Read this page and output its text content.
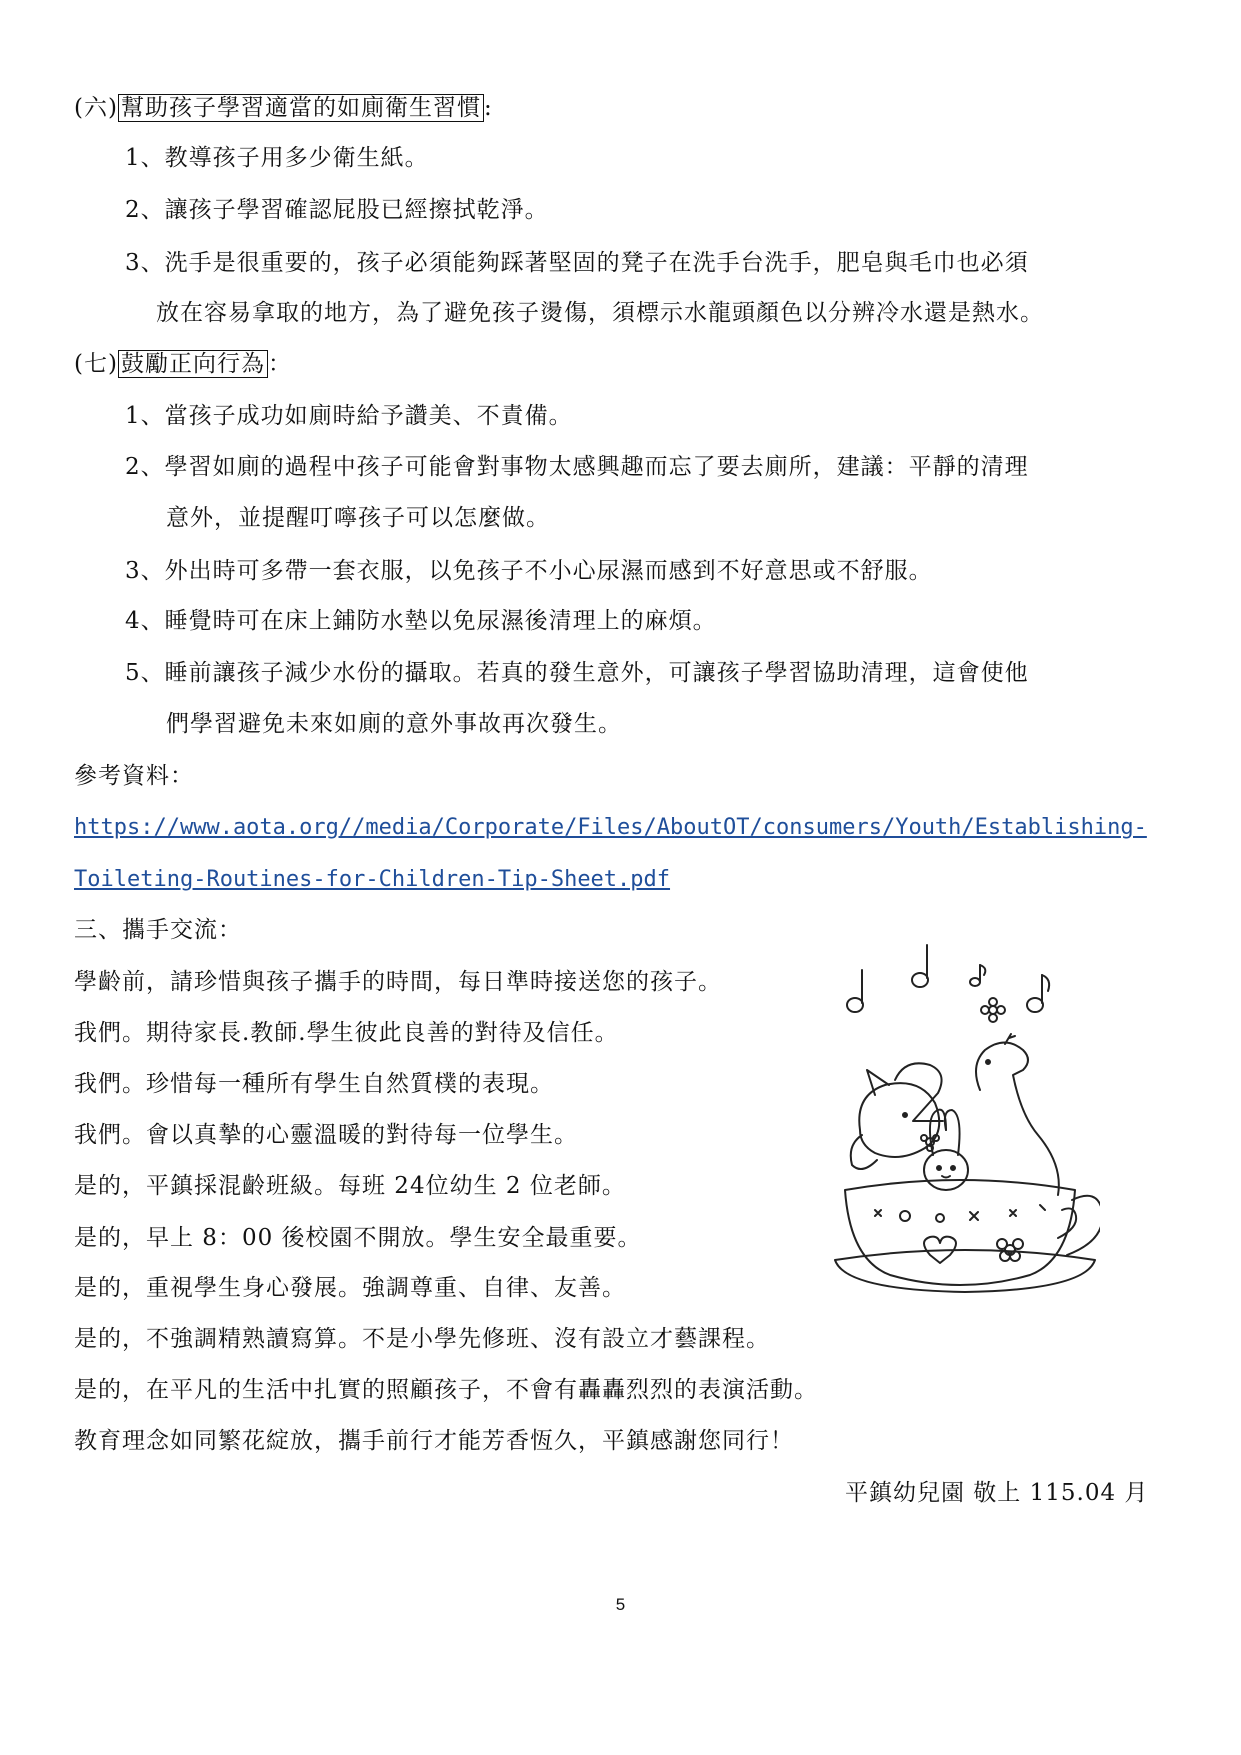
(六) 幫助孩子學習適當的如廁衛生習慣 :
1、教導孩子用多少衛生紙。
2、讓孩子學習確認屁股已經擦拭乾淨。
3、洗手是很重要的，孩子必須能夠踩著堅固的凳子在洗手台洗手，肥皂與毛巾也必須
放在容易拿取的地方，為了避免孩子燙傷，須標示水龍頭顏色以分辨冷水還是熱水。
(七) 鼓勵正向行為 ：
1、當孩子成功如廁時給予讚美、不責備。
2、學習如廁的過程中孩子可能會對事物太感興趣而忘了要去廁所，建議：平靜的清理
意外，並提醒叮嚀孩子可以怎麼做。
3、外出時可多帶一套衣服，以免孩子不小心尿濕而感到不好意思或不舒服。
4、睡覺時可在床上鋪防水墊以免尿濕後清理上的麻煩。
5、睡前讓孩子減少水份的攝取。若真的發生意外，可讓孩子學習協助清理，這會使他
們學習避免未來如廁的意外事故再次發生。
參考資料：
https://www.aota.org//media/Corporate/Files/AboutOT/consumers/Youth/Establishing-
Toileting-Routines-for-Children-Tip-Sheet.pdf
三、攜手交流：
學齡前，請珍惜與孩子攜手的時間，每日準時接送您的孩子。
我們。期待家長.教師.學生彼此良善的對待及信任。
我們。珍惜每一種所有學生自然質樸的表現。
我們。會以真摯的心靈溫暖的對待每一位學生。
是的，平鎮採混齡班級。每班 24位幼生 2 位老師。
是的，早上 8：00 後校園不開放。學生安全最重要。
是的，重視學生身心發展。強調尊重、自律、友善。
是的，不強調精熟讀寫算。不是小學先修班、沒有設立才藝課程。
是的，在平凡的生活中扎實的照顧孩子，不會有轟轟烈烈的表演活動。
教育理念如同繁花綻放，攜手前行才能芳香恆久，平鎮感謝您同行！
平鎮幼兒園 敬上 115.04 月
5
